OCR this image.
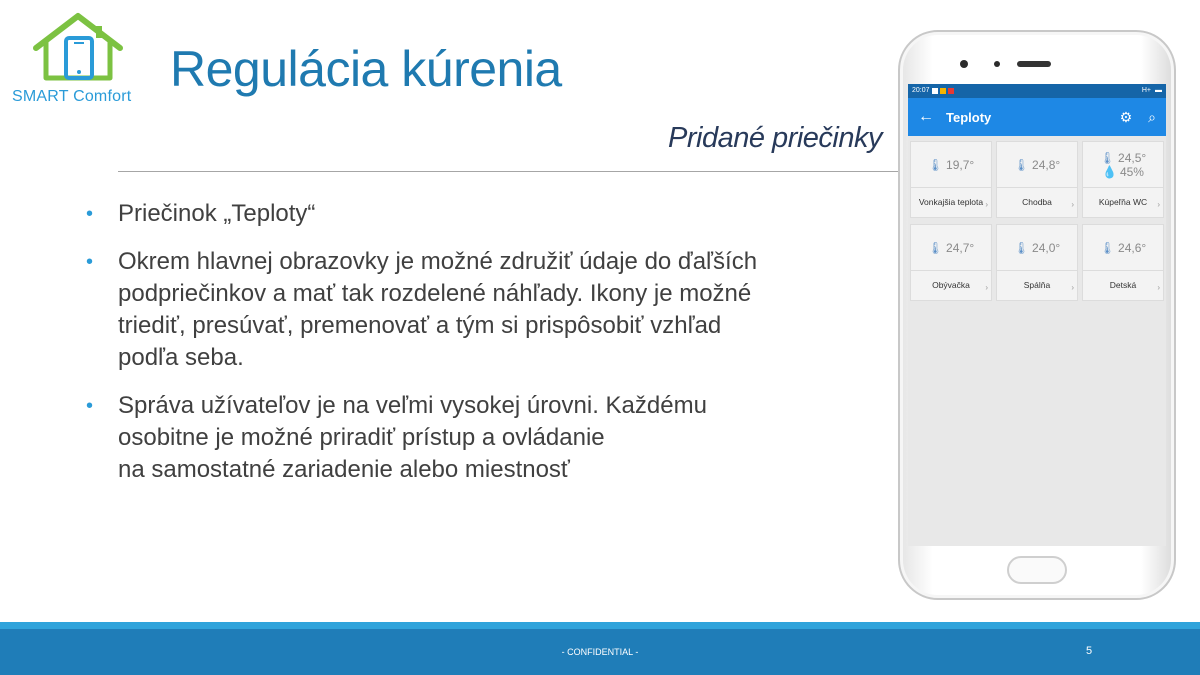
SMART Comfort Regulácia kúrenia
Pridané priečinky
• Priečinok „Teploty“
• Okrem hlavnej obrazovky je možné združiť údaje do ďaľších
podpriečinkov a mať tak rozdelené náhľady. Ikony je možné
triediť, presúvať, premenovať a tým si prispôsobiť vzhľad
podľa seba.
• Správa užívateľov je na veľmi vysokej úrovni. Každému
osobitne je možné priradiť prístup a ovládanie
na samostatné zariadenie alebo miestnosť
20:07	H+ ▬
← Teploty	⚙ ⌕
🌡 19,7°
Vonkajšia teplota ›
🌡 24,8°
Chodba	›
🌡 24,5°
💧 45%
Kúpeľňa WC	›
🌡 24,7°
Obývačka	›
🌡 24,0°
Spálňa	›
🌡 24,6°
Detská	›
- CONFIDENTIAL -	5
